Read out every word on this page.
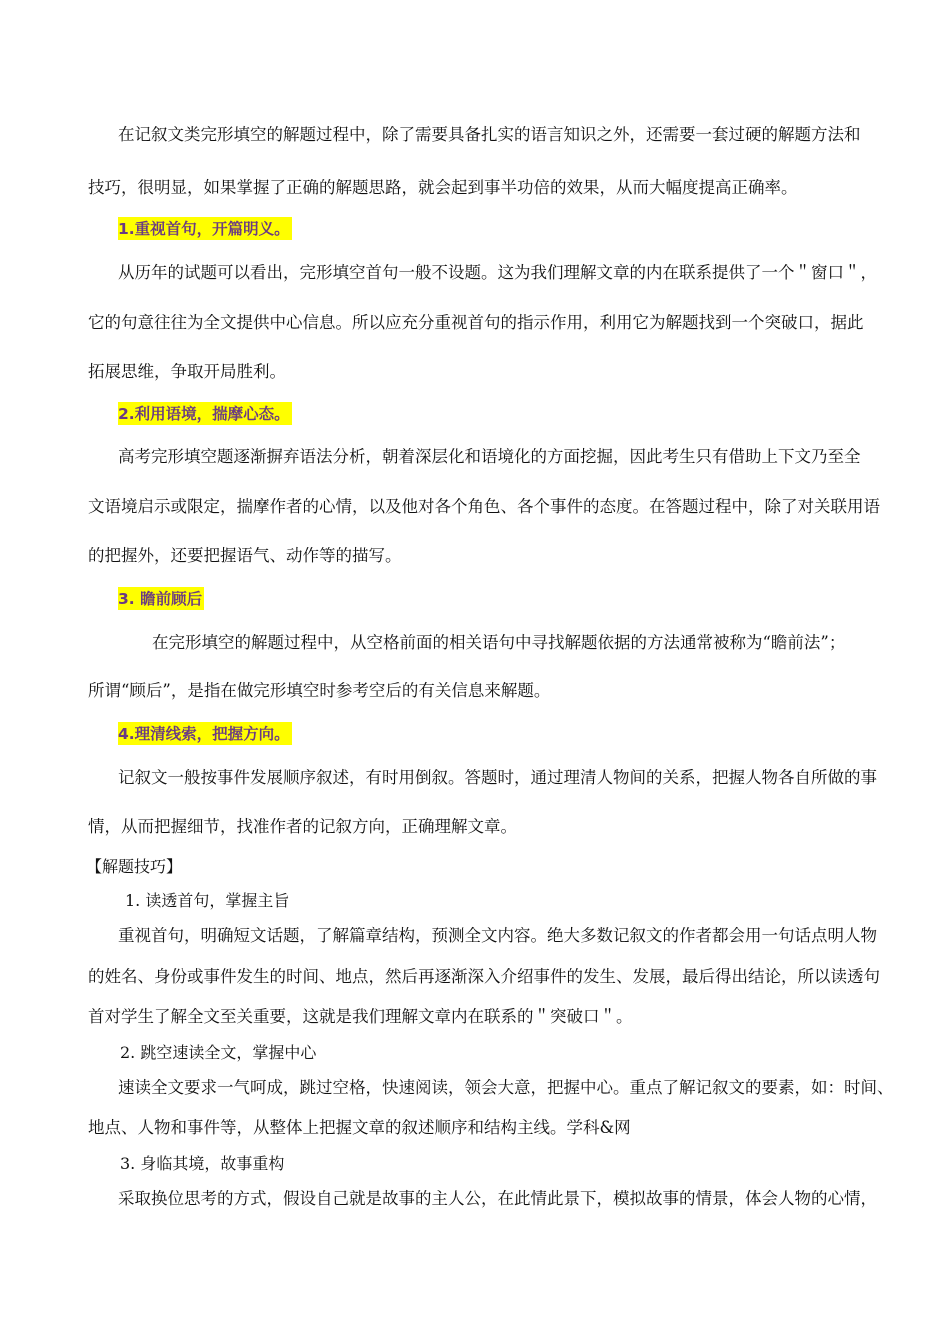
在记叙文类完形填空的解题过程中，除了需要具备扎实的语言知识之外，还需要一套过硬的解题方法和
技巧，很明显，如果掌握了正确的解题思路，就会起到事半功倍的效果，从而大幅度提高正确率。
1.重视首句，开篇明义。
从历年的试题可以看出，完形填空首句一般不设题。这为我们理解文章的内在联系提供了一个＂窗口＂，
它的句意往往为全文提供中心信息。所以应充分重视首句的指示作用，利用它为解题找到一个突破口，据此
拓展思维，争取开局胜利。
2.利用语境，揣摩心态。
高考完形填空题逐渐摒弃语法分析，朝着深层化和语境化的方面挖掘，因此考生只有借助上下文乃至全
文语境启示或限定，揣摩作者的心情，以及他对各个角色、各个事件的态度。在答题过程中，除了对关联用语
的把握外，还要把握语气、动作等的描写。
3. 瞻前顾后
在完形填空的解题过程中，从空格前面的相关语句中寻找解题依据的方法通常被称为“瞻前法”；
所谓“顾后”，是指在做完形填空时参考空后的有关信息来解题。
4.理清线索，把握方向。
记叙文一般按事件发展顺序叙述，有时用倒叙。答题时，通过理清人物间的关系，把握人物各自所做的事
情，从而把握细节，找准作者的记叙方向，正确理解文章。
【解题技巧】
1. 读透首句，掌握主旨
重视首句，明确短文话题，了解篇章结构，预测全文内容。绝大多数记叙文的作者都会用一句话点明人物
的姓名、身份或事件发生的时间、地点，然后再逐渐深入介绍事件的发生、发展，最后得出结论，所以读透句
首对学生了解全文至关重要，这就是我们理解文章内在联系的＂突破口＂。
2. 跳空速读全文，掌握中心
速读全文要求一气呵成，跳过空格，快速阅读，领会大意，把握中心。重点了解记叙文的要素，如：时间、
地点、人物和事件等，从整体上把握文章的叙述顺序和结构主线。学科&网
3. 身临其境，故事重构
采取换位思考的方式，假设自己就是故事的主人公，在此情此景下，模拟故事的情景，体会人物的心情，
